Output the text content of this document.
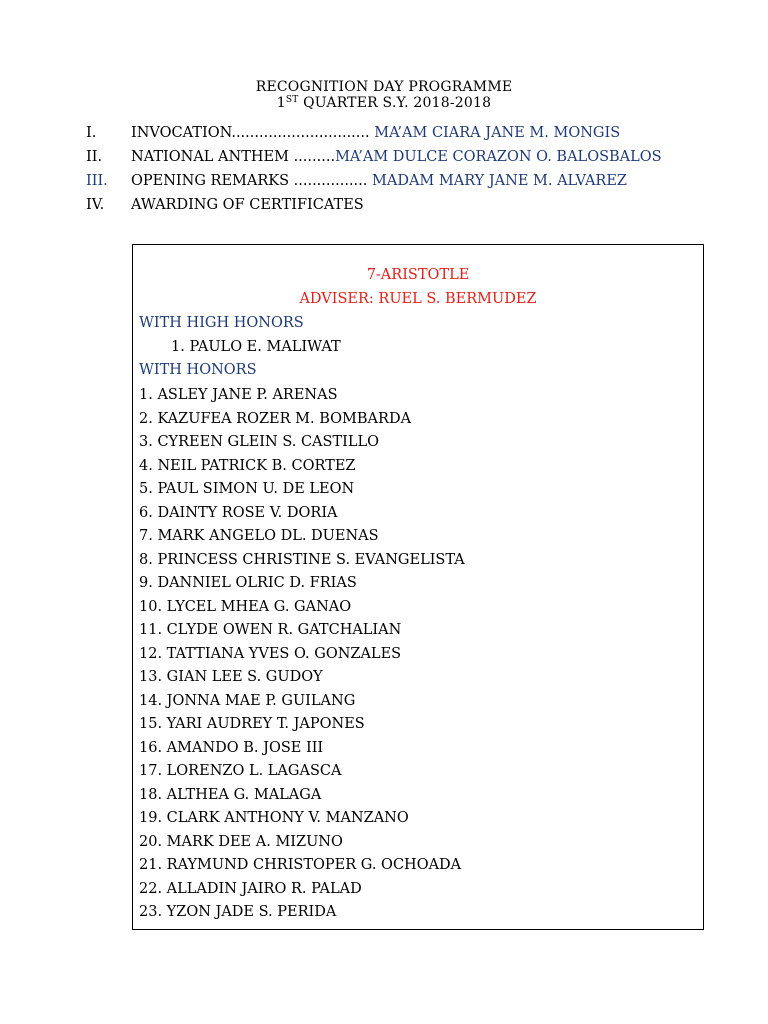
RECOGNITION DAY PROGRAMME
1ST QUARTER S.Y. 2018-2018
I.	INVOCATION.............................. MA’AM CIARA JANE M. MONGIS
II.	NATIONAL ANTHEM .........MA’AM DULCE CORAZON O. BALOSBALOS
III.	OPENING REMARKS ................ MADAM MARY JANE M. ALVAREZ
IV.	AWARDING OF CERTIFICATES
7-ARISTOTLE
ADVISER: RUEL S. BERMUDEZ
WITH HIGH HONORS
1. PAULO E. MALIWAT
WITH HONORS
1. ASLEY JANE P. ARENAS
2. KAZUFEA ROZER M. BOMBARDA
3. CYREEN GLEIN S. CASTILLO
4. NEIL PATRICK B. CORTEZ
5. PAUL SIMON U. DE LEON
6. DAINTY ROSE V. DORIA
7. MARK ANGELO DL. DUENAS
8. PRINCESS CHRISTINE S. EVANGELISTA
9. DANNIEL OLRIC D. FRIAS
10. LYCEL MHEA G. GANAO
11. CLYDE OWEN R. GATCHALIAN
12. TATTIANA YVES O. GONZALES
13. GIAN LEE S. GUDOY
14. JONNA MAE P. GUILANG
15. YARI AUDREY T. JAPONES
16. AMANDO B. JOSE III
17. LORENZO L. LAGASCA
18. ALTHEA G. MALAGA
19. CLARK ANTHONY V. MANZANO
20. MARK DEE A. MIZUNO
21. RAYMUND CHRISTOPER G. OCHOADA
22. ALLADIN JAIRO R. PALAD
23. YZON JADE S. PERIDA
